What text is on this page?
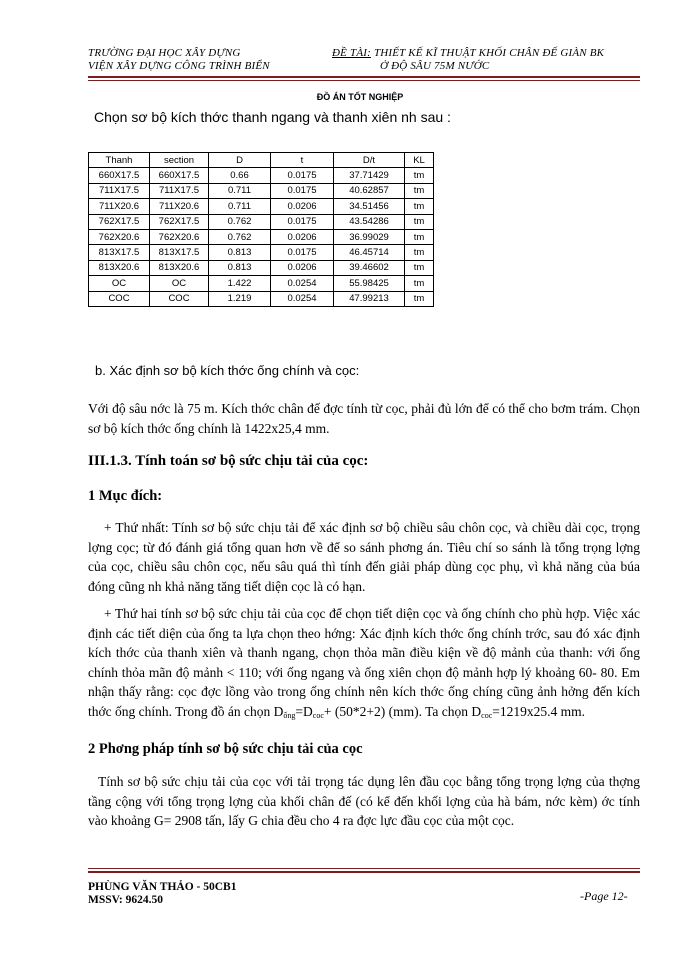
TRƯỜNG ĐẠI HỌC XÂY DỰNG
VIỆN XÂY DỰNG CÔNG TRÌNH BIỂN
ĐỀ TÀI: THIẾT KẾ KĨ THUẬT KHỐI CHÂN ĐẾ GIÀN BK
Ở ĐỘ SÂU 75M NƯỚC
ĐỒ ÁN TỐT NGHIỆP
Chọn sơ bộ kích thớc thanh ngang và thanh xiên nh sau :
Thanh	section	D	t	D/t	KL
660X17.5	660X17.5	0.66	0.0175	37.71429	tm
711X17.5	711X17.5	0.711	0.0175	40.62857	tm
711X20.6	711X20.6	0.711	0.0206	34.51456	tm
762X17.5	762X17.5	0.762	0.0175	43.54286	tm
762X20.6	762X20.6	0.762	0.0206	36.99029	tm
813X17.5	813X17.5	0.813	0.0175	46.45714	tm
813X20.6	813X20.6	0.813	0.0206	39.46602	tm
OC	OC	1.422	0.0254	55.98425	tm
COC	COC	1.219	0.0254	47.99213	tm
b. Xác định sơ bộ kích thớc ống chính và cọc:
Với độ sâu nớc là 75 m. Kích thớc chân đế đợc tính từ cọc, phải đủ lớn để có thể cho bơm trám. Chọn sơ bộ kích thớc ống chính là 1422x25,4 mm.
III.1.3. Tính toán sơ bộ sức chịu tải của cọc:
1 Mục đích:
+ Thứ nhất: Tính sơ bộ sức chịu tải để xác định sơ bộ chiều sâu chôn cọc, và chiều dài cọc, trọng lợng cọc; từ đó đánh giá tổng quan hơn về để so sánh phơng án. Tiêu chí so sánh là tổng trọng lợng của cọc, chiều sâu chôn cọc, nếu sâu quá thì tính đến giải pháp dùng cọc phụ, vì khả năng của búa đóng cũng nh khả năng tăng tiết diện cọc là có hạn.
+ Thứ hai tính sơ bộ sức chịu tải của cọc để chọn tiết diện cọc và ống chính cho phù hợp. Việc xác định các tiết diện của ống ta lựa chọn theo hớng: Xác định kích thớc ống chính trớc, sau đó xác định kích thớc của thanh xiên và thanh ngang, chọn thỏa mãn điều kiện về độ mảnh của thanh: với ống chính thỏa mãn độ mảnh < 110; với ống ngang và ống xiên chọn độ mảnh hợp lý khoảng 60- 80. Em nhận thấy rằng: cọc đợc lồng vào trong ống chính nên kích thớc ống chíng cũng ảnh hởng đến kích thớc ống chính. Trong đồ án chọn $D_{ống}=D_{coc}+ (50*2+2)$ (mm). Ta chọn $D_{coc}=1219x25.4$ mm.
2 Phơng pháp tính sơ bộ sức chịu tải của cọc
Tính sơ bộ sức chịu tải của cọc với tải trọng tác dụng lên đầu cọc bằng tổng trọng lợng của thợng tầng cộng với tổng trọng lợng của khối chân đế (có kể đến khối lợng của hà bám, nớc kèm) ớc tính vào khoảng G= 2908 tấn, lấy G chia đều cho 4 ra đợc lực đầu cọc của một cọc.
PHÙNG VĂN THẢO - 50CB1
MSSV: 9624.50	-Page 12-
